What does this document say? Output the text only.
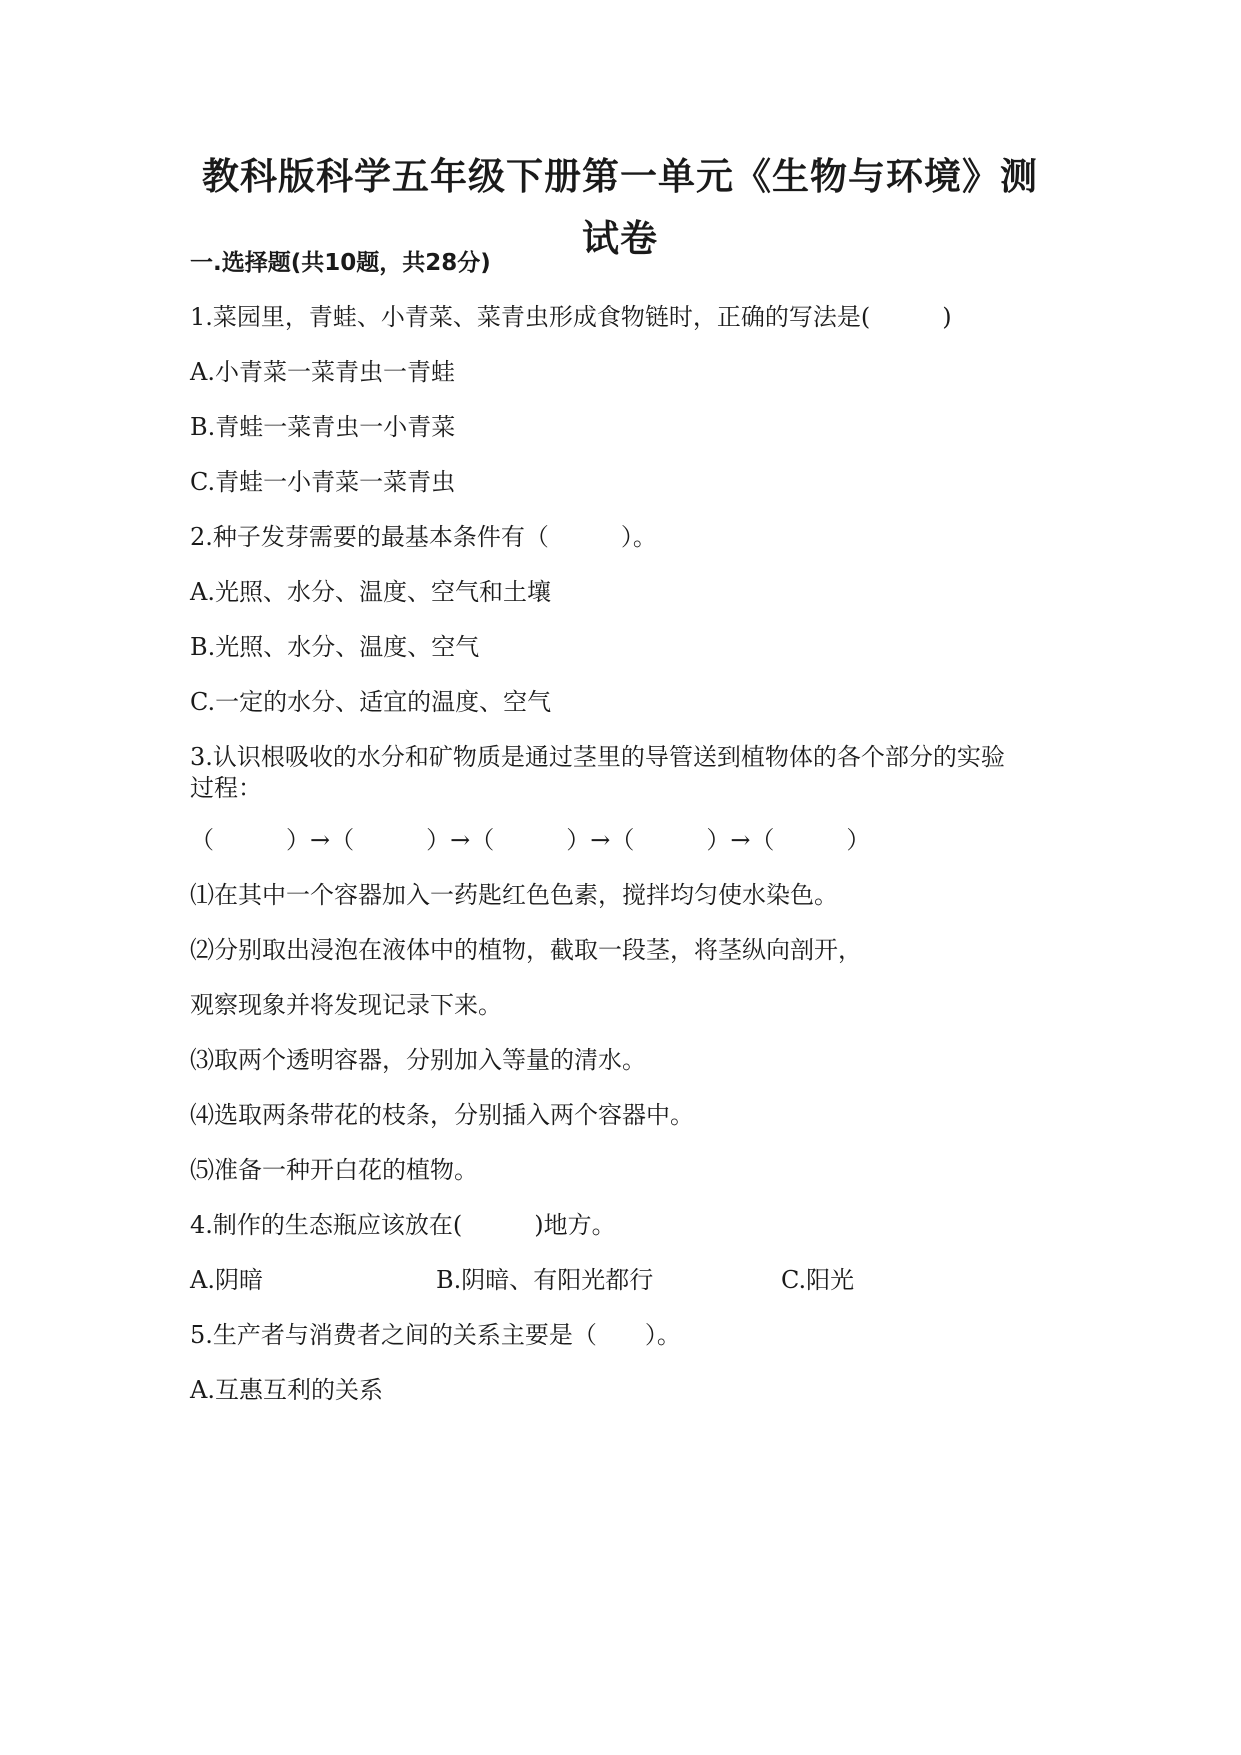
教科版科学五年级下册第一单元《生物与环境》测试卷
一.选择题(共10题，共28分)
1.菜园里，青蛙、小青菜、菜青虫形成食物链时，正确的写法是(　　　)
A.小青菜一菜青虫一青蛙
B.青蛙一菜青虫一小青菜
C.青蛙一小青菜一菜青虫
2.种子发芽需要的最基本条件有（　　　）。
A.光照、水分、温度、空气和土壤
B.光照、水分、温度、空气
C.一定的水分、适宜的温度、空气
3.认识根吸收的水分和矿物质是通过茎里的导管送到植物体的各个部分的实验
过程：
（　　　）→（　　　）→（　　　）→（　　　）→（　　　）
⑴在其中一个容器加入一药匙红色色素，搅拌均匀使水染色。
⑵分别取出浸泡在液体中的植物，截取一段茎，将茎纵向剖开，
观察现象并将发现记录下来。
⑶取两个透明容器，分别加入等量的清水。
⑷选取两条带花的枝条，分别插入两个容器中。
⑸准备一种开白花的植物。
4.制作的生态瓶应该放在(　　　)地方。
A.阴暗	B.阴暗、有阳光都行	C.阳光
5.生产者与消费者之间的关系主要是（　　）。
A.互惠互利的关系
